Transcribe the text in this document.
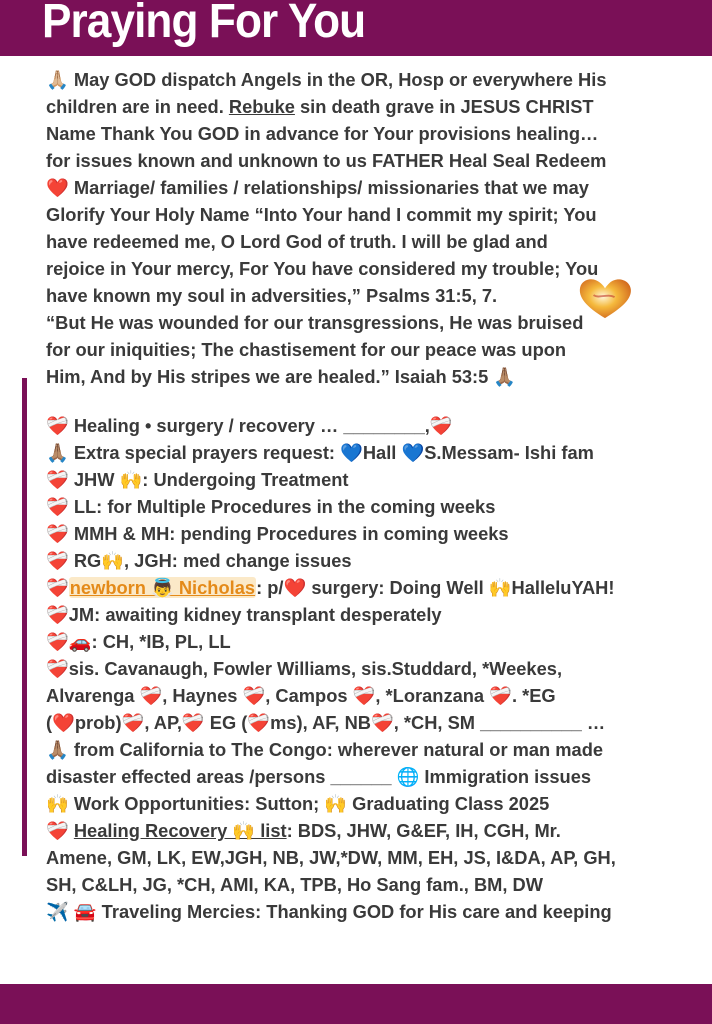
Praying For You
🙏🏼 May GOD dispatch Angels in the OR, Hosp or everywhere His
children are in need. Rebuke sin death grave in JESUS CHRIST
Name Thank You GOD in advance for Your provisions healing…
for issues known and unknown to us FATHER Heal Seal Redeem
❤️ Marriage/ families / relationships/ missionaries that we may
Glorify Your Holy Name “Into Your hand I commit my spirit; You
have redeemed me, O Lord God of truth. I will be glad and
rejoice in Your mercy, For You have considered my trouble; You
have known my soul in adversities,” Psalms 31:5, 7.
“But He was wounded for our transgressions, He was bruised
for our iniquities; The chastisement for our peace was upon
Him, And by His stripes we are healed.” Isaiah 53:5 🙏🏽
❤️‍🩹 Healing • surgery / recovery … ________,❤️‍🩹
🙏🏽 Extra special prayers request: 💙Hall 💙S.Messam- Ishi fam
❤️‍🩹 JHW 🙌: Undergoing Treatment
❤️‍🩹 LL: for Multiple Procedures in the coming weeks
❤️‍🩹 MMH & MH: pending Procedures in coming weeks
❤️‍🩹 RG🙌, JGH: med change issues
❤️‍🩹newborn 👼 Nicholas: p/❤️ surgery: Doing Well 🙌HalleluYAH!
❤️‍🩹JM: awaiting kidney transplant desperately
❤️‍🩹🚗: CH, *IB, PL, LL
❤️‍🩹sis. Cavanaugh, Fowler Williams, sis.Studdard, *Weekes,
Alvarenga ❤️‍🩹, Haynes ❤️‍🩹, Campos ❤️‍🩹, *Loranzana ❤️‍🩹. *EG
(❤️prob)❤️‍🩹, AP,❤️‍🩹 EG (❤️‍🩹ms), AF, NB❤️‍🩹, *CH, SM __________ …
🙏🏽 from California to The Congo: wherever natural or man made
disaster effected areas /persons ______ 🌐 Immigration issues
🙌 Work Opportunities: Sutton; 🙌 Graduating Class 2025
❤️‍🩹 Healing Recovery 🙌 list: BDS, JHW, G&EF, IH, CGH, Mr.
Amene, GM, LK, EW,JGH, NB, JW,*DW, MM, EH, JS, I&DA, AP, GH,
SH, C&LH, JG, *CH, AMI, KA, TPB, Ho Sang fam., BM, DW
✈️ 🚘 Traveling Mercies: Thanking GOD for His care and keeping
